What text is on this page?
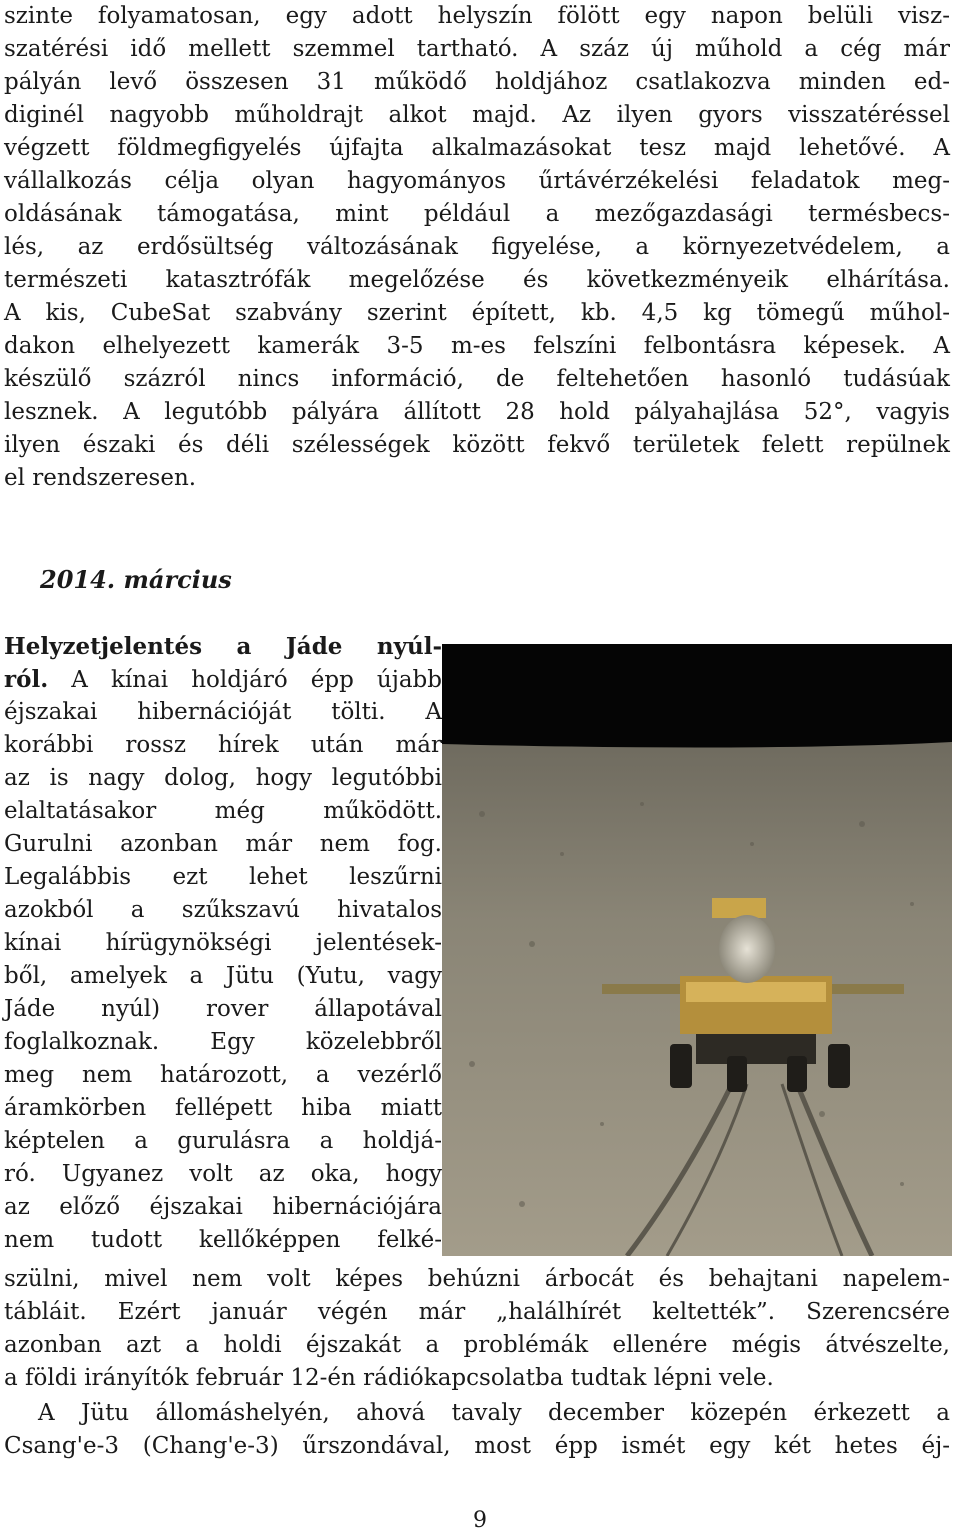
szinte folyamatosan, egy adott helyszín fölött egy napon belüli visz-
szatérési idő mellett szemmel tartható. A száz új műhold a cég már
pályán levő összesen 31 működő holdjához csatlakozva minden ed-
diginél nagyobb műholdrajt alkot majd. Az ilyen gyors visszatéréssel
végzett földmegfigyelés újfajta alkalmazásokat tesz majd lehetővé. A
vállalkozás célja olyan hagyományos űrtávérzékelési feladatok meg-
oldásának támogatása, mint például a mezőgazdasági termésbecs-
lés, az erdősültség változásának figyelése, a környezetvédelem, a
természeti katasztrófák megelőzése és következményeik elhárítása.
A kis, CubeSat szabvány szerint épített, kb. 4,5 kg tömegű műhol-
dakon elhelyezett kamerák 3-5 m-es felszíni felbontásra képesek. A
készülő százról nincs információ, de feltehetően hasonló tudásúak
lesznek. A legutóbb pályára állított 28 hold pályahajlása 52°, vagyis
ilyen északi és déli szélességek között fekvő területek felett repülnek
el rendszeresen.
2014. március
Helyzetjelentés a Jáde nyúl-
ról. A kínai holdjáró épp újabb
éjszakai hibernációját tölti. A
korábbi rossz hírek után már
az is nagy dolog, hogy legutóbbi
elaltatásakor még működött.
Gurulni azonban már nem fog.
Legalábbis ezt lehet leszűrni
azokból a szűkszavú hivatalos
kínai hírügynökségi jelentések-
ből, amelyek a Jütu (Yutu, vagy
Jáde nyúl) rover állapotával
foglalkoznak. Egy közelebbről
meg nem határozott, a vezérlő
áramkörben fellépett hiba miatt
képtelen a gurulásra a holdjá-
ró. Ugyanez volt az oka, hogy
az előző éjszakai hibernációjára
nem tudott kellőképpen felké-
szülni, mivel nem volt képes behúzni árbocát és behajtani napelem-
tábláit. Ezért január végén már „halálhírét keltették”. Szerencsére
azonban azt a holdi éjszakát a problémák ellenére mégis átvészelte,
a földi irányítók február 12-én rádiókapcsolatba tudtak lépni vele.
A Jütu állomáshelyén, ahová tavaly december közepén érkezett a
Csang'e-3 (Chang'e-3) űrszondával, most épp ismét egy két hetes éj-
9
